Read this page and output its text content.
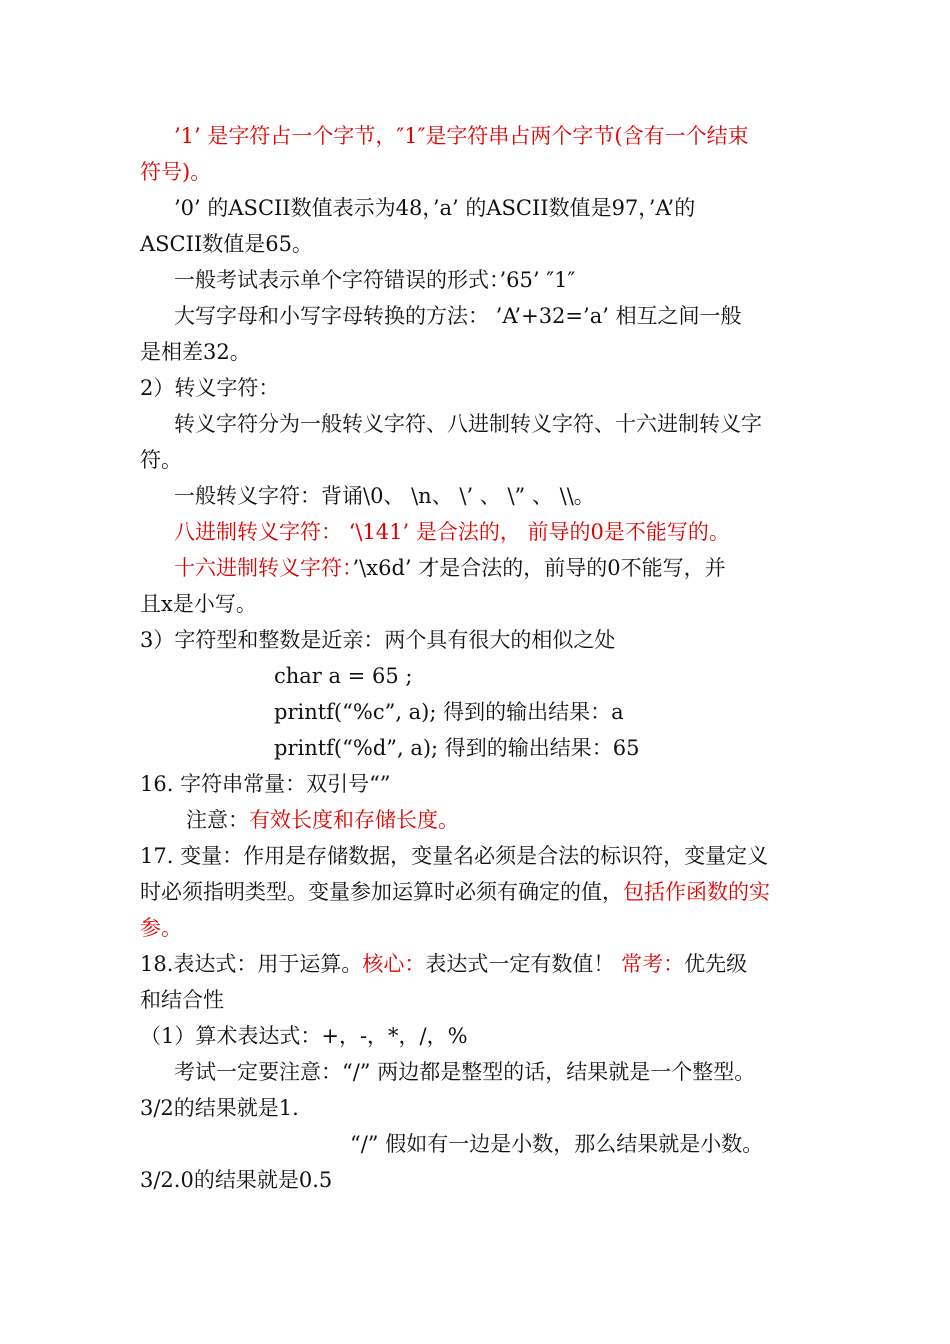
’1’ 是字符占一个字节，″1″是字符串占两个字节(含有一个结束
符号)。
’0’ 的ASCII数值表示为48，’a’ 的ASCII数值是97，’A’的
ASCII数值是65。
一般考试表示单个字符错误的形式：’65’ ″1″
大写字母和小写字母转换的方法： ’A’+32=’a’ 相互之间一般
是相差32。
2）转义字符：
转义字符分为一般转义字符、八进制转义字符、十六进制转义字
符。
一般转义字符：背诵\0、 \n、 \’ 、 \” 、 \\。
八进制转义字符： ‘\141’ 是合法的， 前导的0是不能写的。
十六进制转义字符：’\x6d’ 才是合法的，前导的0不能写，并
且x是小写。
3）字符型和整数是近亲：两个具有很大的相似之处
char a = 65 ;
printf(“%c”, a); 得到的输出结果：a
printf(“%d”, a); 得到的输出结果：65
16. 字符串常量：双引号“”
注意：有效长度和存储长度。
17. 变量：作用是存储数据，变量名必须是合法的标识符，变量定义
时必须指明类型。变量参加运算时必须有确定的值，包括作函数的实
参。
18.表达式：用于运算。核心：表达式一定有数值！ 常考：优先级
和结合性
（1）算术表达式：+，-，*，/，%
考试一定要注意：“/” 两边都是整型的话，结果就是一个整型。
3/2的结果就是1.
“/” 假如有一边是小数，那么结果就是小数。
3/2.0的结果就是0.5
